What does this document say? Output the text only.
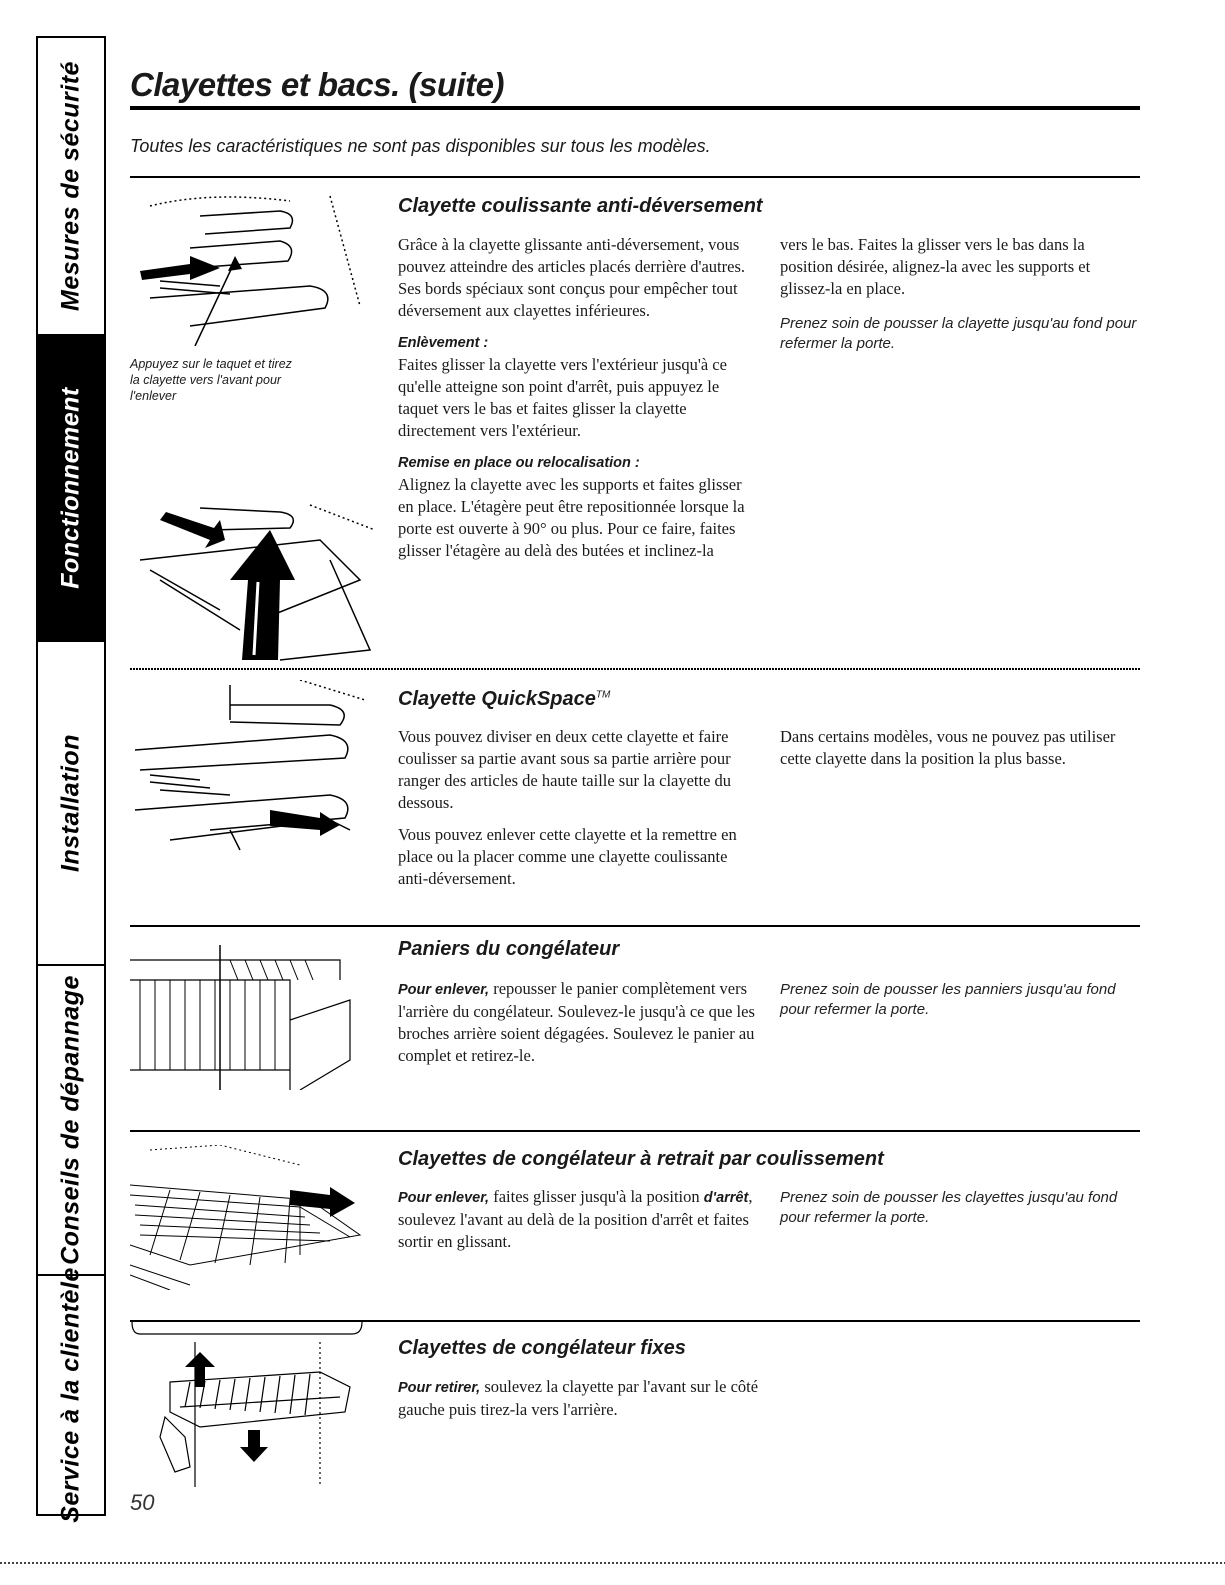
Mesures de sécurité
Fonctionnement
Installation
Conseils de dépannage
Service à la clientèle
Clayettes et bacs. (suite)

Toutes les caractéristiques ne sont pas disponibles sur tous les modèles.

Appuyez sur le taquet et tirez la clayette vers l'avant pour l'enlever

Clayette coulissante anti-déversement

Grâce à la clayette glissante anti-déversement, vous pouvez atteindre des articles placés derrière d'autres. Ses bords spéciaux sont conçus pour empêcher tout déversement aux clayettes inférieures.

Enlèvement :

Faites glisser la clayette vers l'extérieur jusqu'à ce qu'elle atteigne son point d'arrêt, puis appuyez le taquet vers le bas et faites glisser la clayette directement vers l'extérieur.

Remise en place ou relocalisation :

Alignez la clayette avec les supports et faites glisser en place. L'étagère peut être repositionnée lorsque la porte est ouverte à 90° ou plus. Pour ce faire, faites glisser l'étagère au delà des butées et inclinez-la

vers le bas. Faites la glisser vers le bas dans la position désirée, alignez-la avec les supports et glissez-la en place.

Prenez soin de pousser la clayette jusqu'au fond pour refermer la porte.

Clayette QuickSpace™

Vous pouvez diviser en deux cette clayette et faire coulisser sa partie avant sous sa partie arrière pour ranger des articles de haute taille sur la clayette du dessous.

Vous pouvez enlever cette clayette et la remettre en place ou la placer comme une clayette coulissante anti-déversement.

Dans certains modèles, vous ne pouvez pas utiliser cette clayette dans la position la plus basse.

Paniers du congélateur

Pour enlever, repousser le panier complètement vers l'arrière du congélateur. Soulevez-le jusqu'à ce que les broches arrière soient dégagées. Soulevez le panier au complet et retirez-le.

Prenez soin de pousser les panniers jusqu'au fond pour refermer la porte.

Clayettes de congélateur à retrait par coulissement

Pour enlever, faites glisser jusqu'à la position d'arrêt, soulevez l'avant au delà de la position d'arrêt et faites sortir en glissant.

Prenez soin de pousser les clayettes jusqu'au fond pour refermer la porte.

Clayettes de congélateur fixes

Pour retirer, soulevez la clayette par l'avant sur le côté gauche puis tirez-la vers l'arrière.

50
